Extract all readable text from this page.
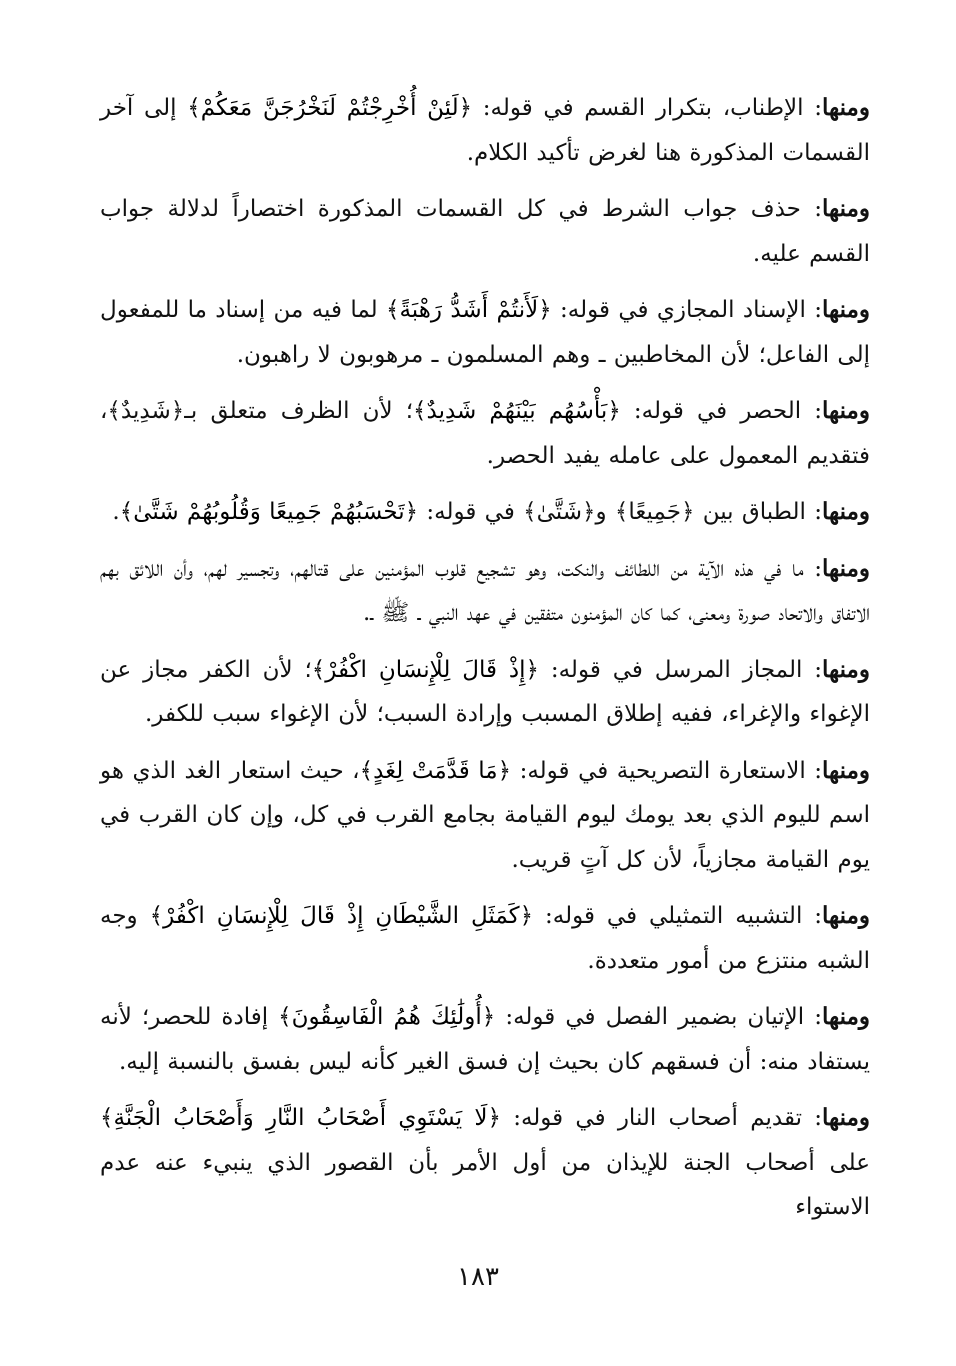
ومنها: الإطناب، بتكرار القسم في قوله: ﴿لَئِنْ أُخْرِجْتُمْ لَنَخْرُجَنَّ مَعَكُمْ﴾ إلى آخر القسمات المذكورة هنا لغرض تأكيد الكلام.

ومنها: حذف جواب الشرط في كل القسمات المذكورة اختصاراً لدلالة جواب القسم عليه.

ومنها: الإسناد المجازي في قوله: ﴿لَأَنتُمْ أَشَدُّ رَهْبَةً﴾ لما فيه من إسناد ما للمفعول إلى الفاعل؛ لأن المخاطبين ـ وهم المسلمون ـ مرهوبون لا راهبون.

ومنها: الحصر في قوله: ﴿بَأْسُهُم بَيْنَهُمْ شَدِيدٌ﴾؛ لأن الظرف متعلق بـ﴿شَدِيدٌ﴾، فتقديم المعمول على عامله يفيد الحصر.

ومنها: الطباق بين ﴿جَمِيعًا﴾ و﴿شَتَّىٰ﴾ في قوله: ﴿تَحْسَبُهُمْ جَمِيعًا وَقُلُوبُهُمْ شَتَّىٰ﴾.

ومنها: ما في هذه الآية من اللطائف والنكت، وهو تشجيع قلوب المؤمنين على قتالهم، وتجسير لهم، وأن اللائق بهم الاتفاق والاتحاد صورة ومعنى، كما كان المؤمنون متفقين في عهد النبي ـ ﷺ ـ.

ومنها: المجاز المرسل في قوله: ﴿إِذْ قَالَ لِلْإِنسَانِ اكْفُرْ﴾؛ لأن الكفر مجاز عن الإغواء والإغراء، ففيه إطلاق المسبب وإرادة السبب؛ لأن الإغواء سبب للكفر.

ومنها: الاستعارة التصريحية في قوله: ﴿مَا قَدَّمَتْ لِغَدٍ﴾، حيث استعار الغد الذي هو اسم لليوم الذي بعد يومك ليوم القيامة بجامع القرب في كل، وإن كان القرب في يوم القيامة مجازياً، لأن كل آتٍ قريب.

ومنها: التشبيه التمثيلي في قوله: ﴿كَمَثَلِ الشَّيْطَانِ إِذْ قَالَ لِلْإِنسَانِ اكْفُرْ﴾ وجه الشبه منتزع من أمور متعددة.

ومنها: الإتيان بضمير الفصل في قوله: ﴿أُولَٰئِكَ هُمُ الْفَاسِقُونَ﴾ إفادة للحصر؛ لأنه يستفاد منه: أن فسقهم كان بحيث إن فسق الغير كأنه ليس بفسق بالنسبة إليه.

ومنها: تقديم أصحاب النار في قوله: ﴿لَا يَسْتَوِي أَصْحَابُ النَّارِ وَأَصْحَابُ الْجَنَّةِ﴾ على أصحاب الجنة للإيذان من أول الأمر بأن القصور الذي ينبيء عنه عدم الاستواء

١٨٣
